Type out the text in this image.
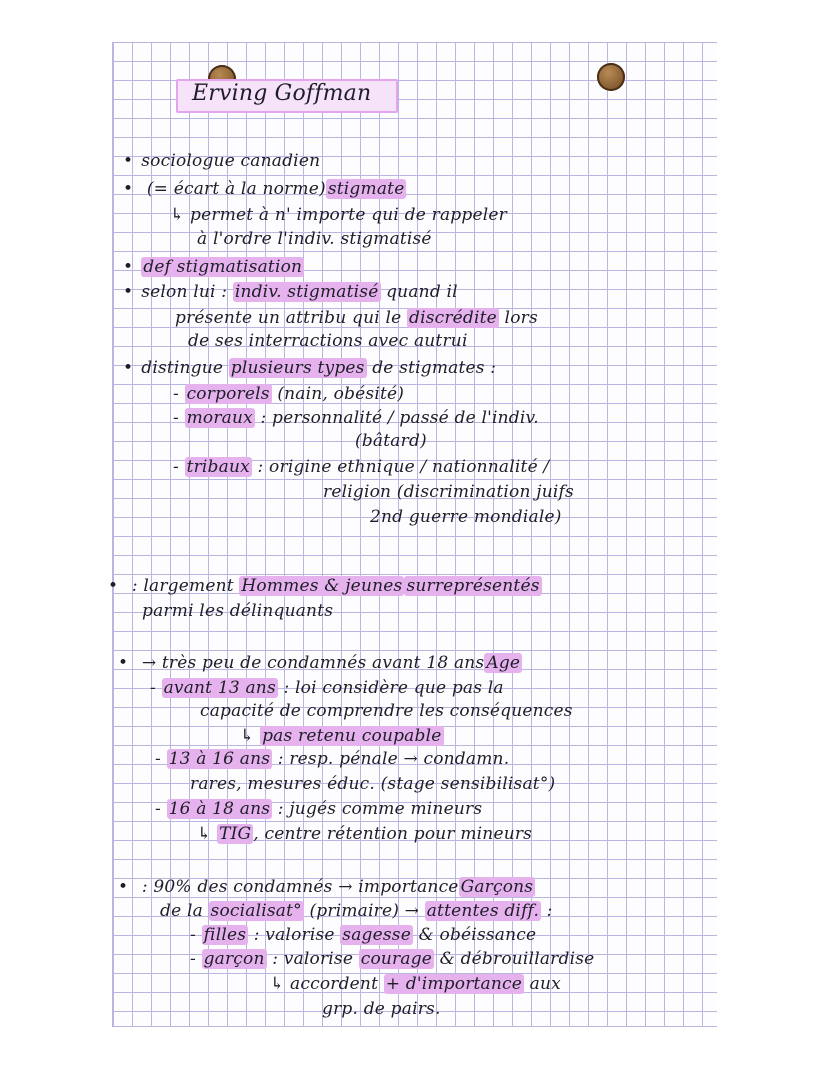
Erving Goffman

• sociologue canadien

• (= écart à la norme) stigmate

↳ permet à n' importe qui de rappeler

à l'ordre l'indiv. stigmatisé

• def stigmatisation

• selon lui : indiv. stigmatisé quand il

présente un attribu qui le discrédite lors

de ses interractions avec autrui

• distingue plusieurs types de stigmates :

- corporels (nain, obésité)

- moraux : personnalité / passé de l'indiv.

(bâtard)

- tribaux : origine ethnique / nationnalité /

religion (discrimination juifs

2nd guerre mondiale)

• : largement Hommes & jeunes surreprésentés

parmi les délinquants

• → très peu de condamnés avant 18 ans Age

- avant 13 ans : loi considère que pas la

capacité de comprendre les conséquences

↳ pas retenu coupable

- 13 à 16 ans : resp. pénale → condamn.

rares, mesures éduc. (stage sensibilisat°)

- 16 à 18 ans : jugés comme mineurs

↳ TIG , centre rétention pour mineurs

• : 90% des condamnés → importance Garçons

de la socialisat° (primaire) → attentes diff. :

- filles : valorise sagesse & obéissance

- garçon : valorise courage & débrouillardise

↳ accordent + d'importance aux

grp. de pairs.
